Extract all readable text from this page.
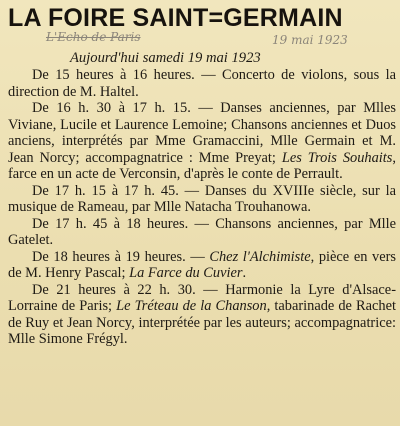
LA FOIRE SAINT=GERMAIN
L'Echo de Paris	19 mai 1923
Aujourd'hui samedi 19 mai 1923

De 15 heures à 16 heures. — Concerto de violons, sous la direction de M. Haltel.

De 16 h. 30 à 17 h. 15. — Danses anciennes, par Mlles Viviane, Lucile et Laurence Lemoine; Chansons anciennes et Duos anciens, interprétés par Mme Gramaccini, Mlle Germain et M. Jean Norcy; accompagnatrice : Mme Preyat; Les Trois Souhaits, farce en un acte de Verconsin, d'après le conte de Perrault.

De 17 h. 15 à 17 h. 45. — Danses du XVIIIe siècle, sur la musique de Rameau, par Mlle Natacha Trouhanowa.

De 17 h. 45 à 18 heures. — Chansons anciennes, par Mlle Gatelet.

De 18 heures à 19 heures. — Chez l'Alchimiste, pièce en vers de M. Henry Pascal; La Farce du Cuvier.

De 21 heures à 22 h. 30. — Harmonie la Lyre d'Alsace-Lorraine de Paris; Le Tréteau de la Chanson, tabarinade de Rachet de Ruy et Jean Norcy, interprétée par les auteurs; accompagnatrice: Mlle Simone Frégyl.
